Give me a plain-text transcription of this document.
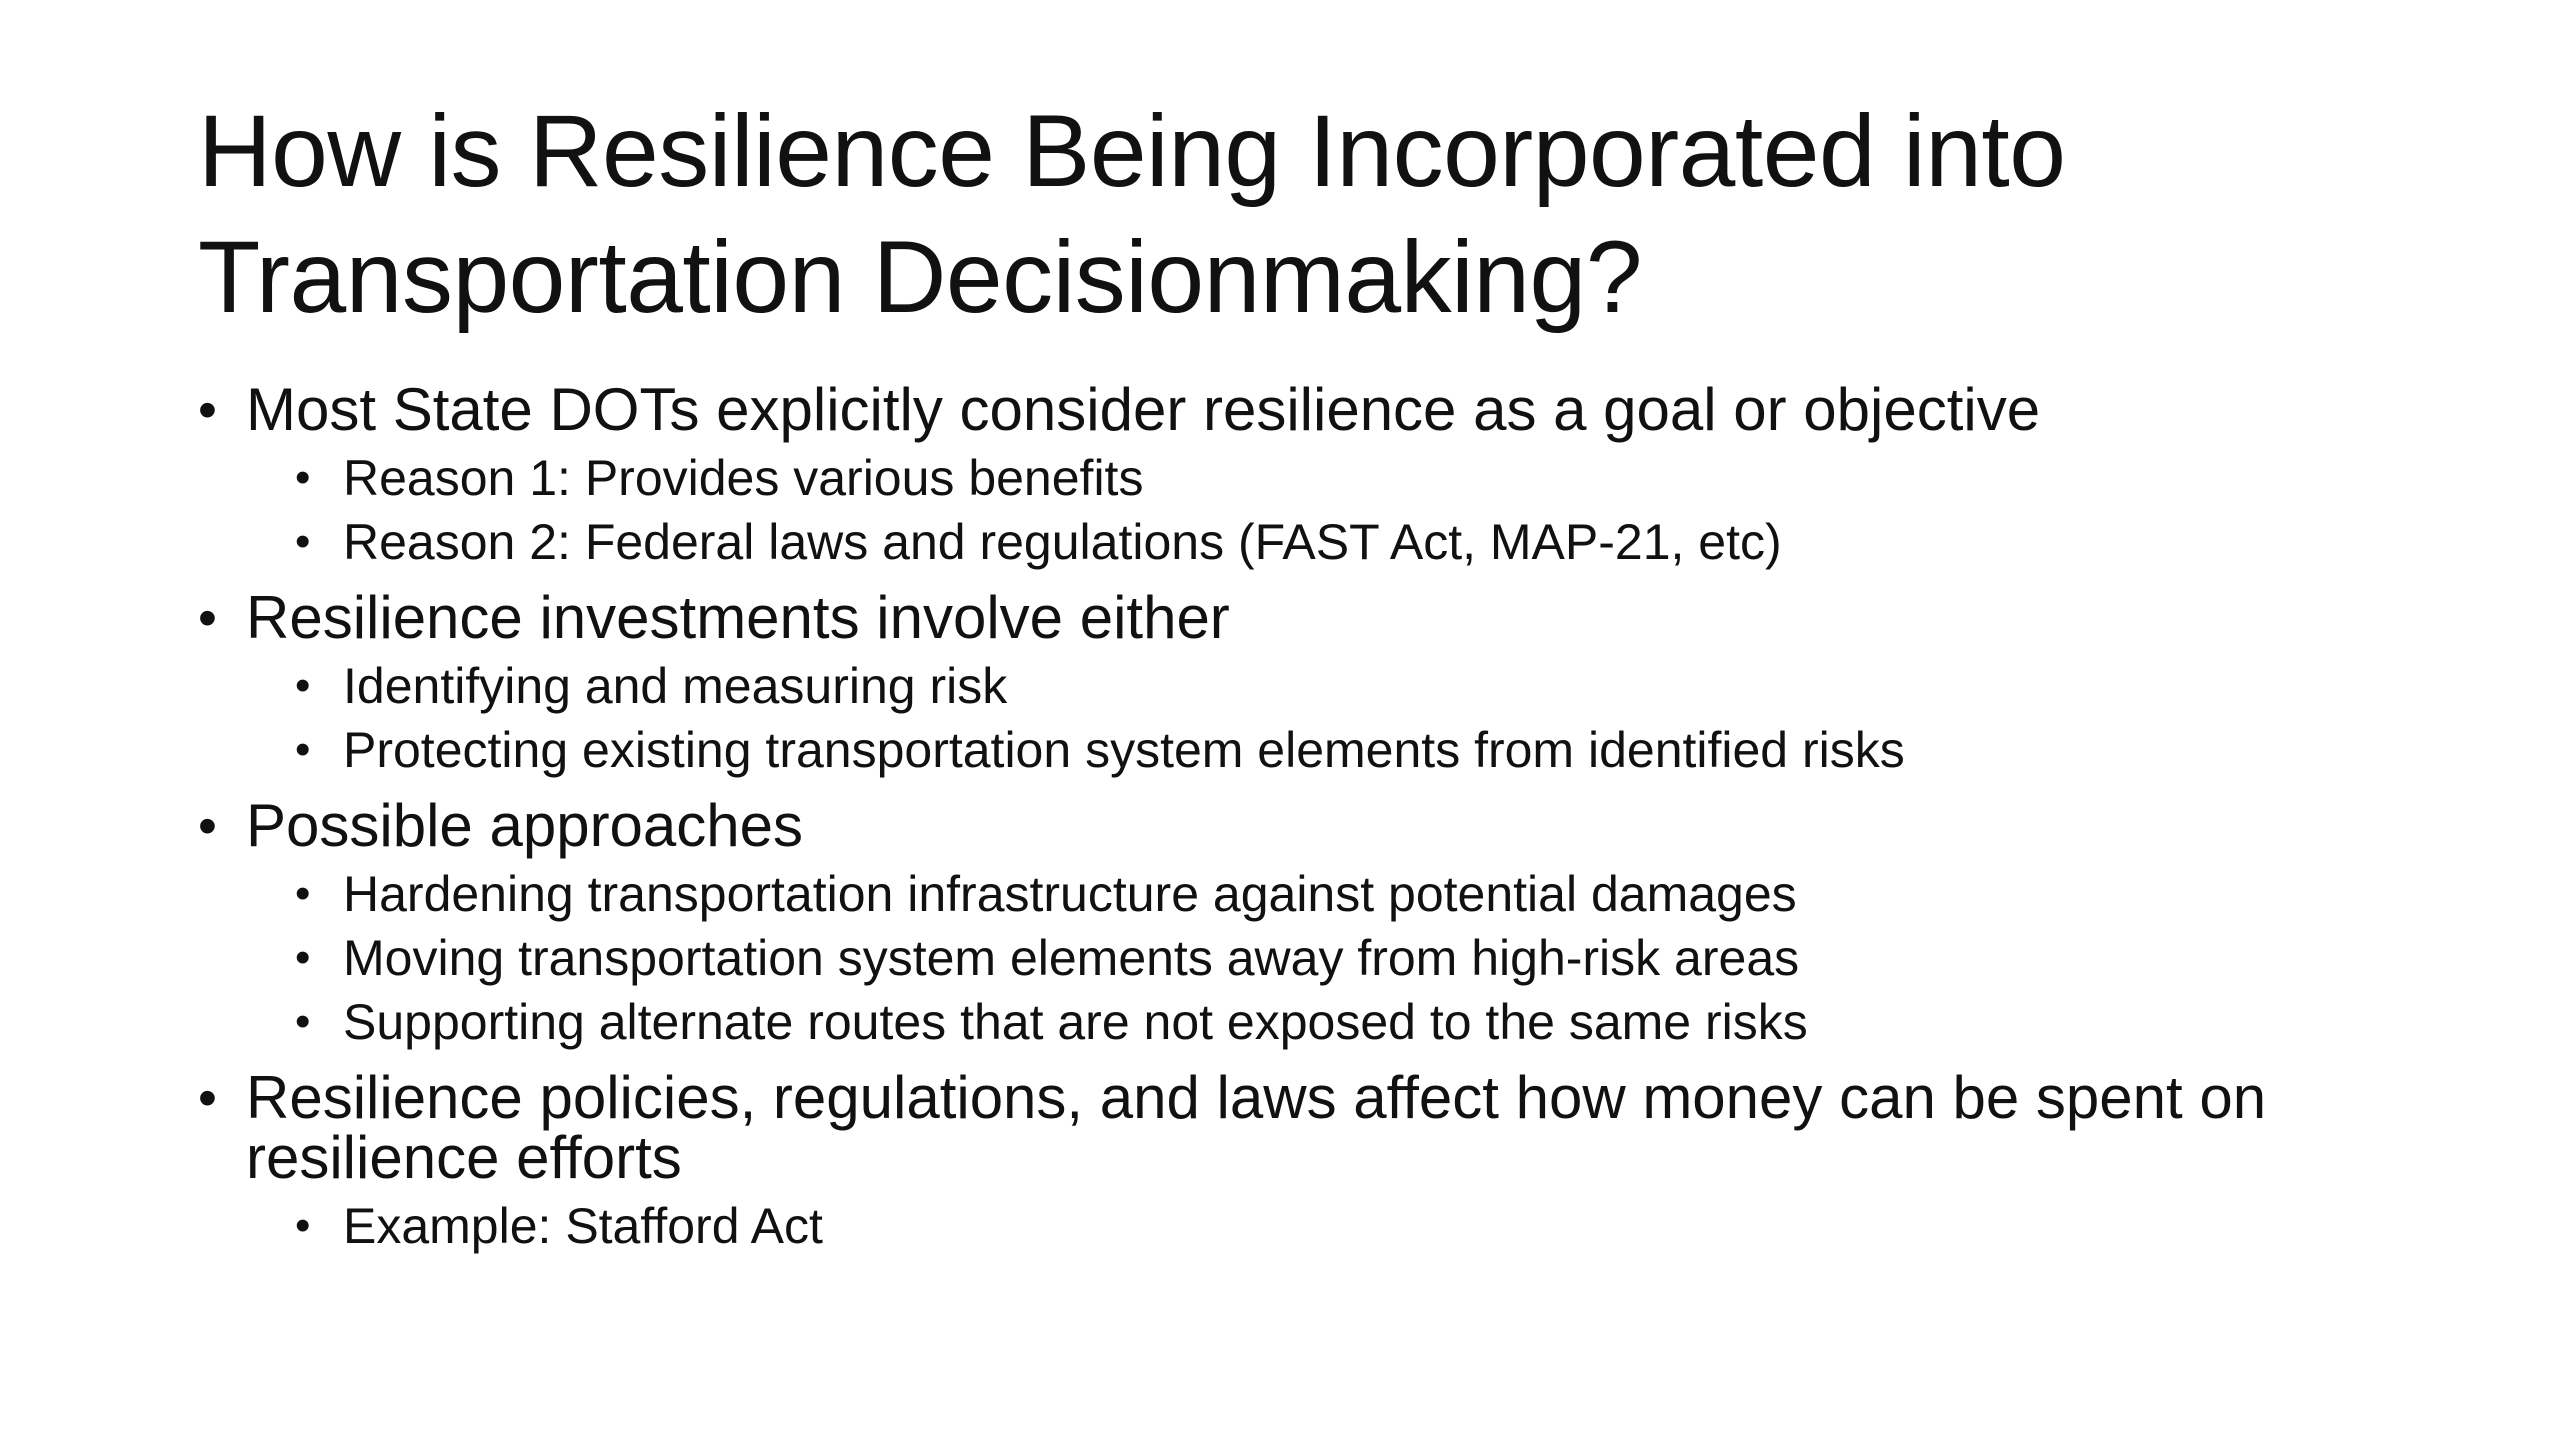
How is Resilience Being Incorporated into
Transportation Decisionmaking?

• Most State DOTs explicitly consider resilience as a goal or objective

• Reason 1: Provides various benefits

• Reason 2: Federal laws and regulations (FAST Act, MAP-21, etc)

• Resilience investments involve either

• Identifying and measuring risk

• Protecting existing transportation system elements from identified risks

• Possible approaches

• Hardening transportation infrastructure against potential damages

• Moving transportation system elements away from high-risk areas

• Supporting alternate routes that are not exposed to the same risks

• Resilience policies, regulations, and laws affect how money can be spent on
resilience efforts

• Example: Stafford Act
